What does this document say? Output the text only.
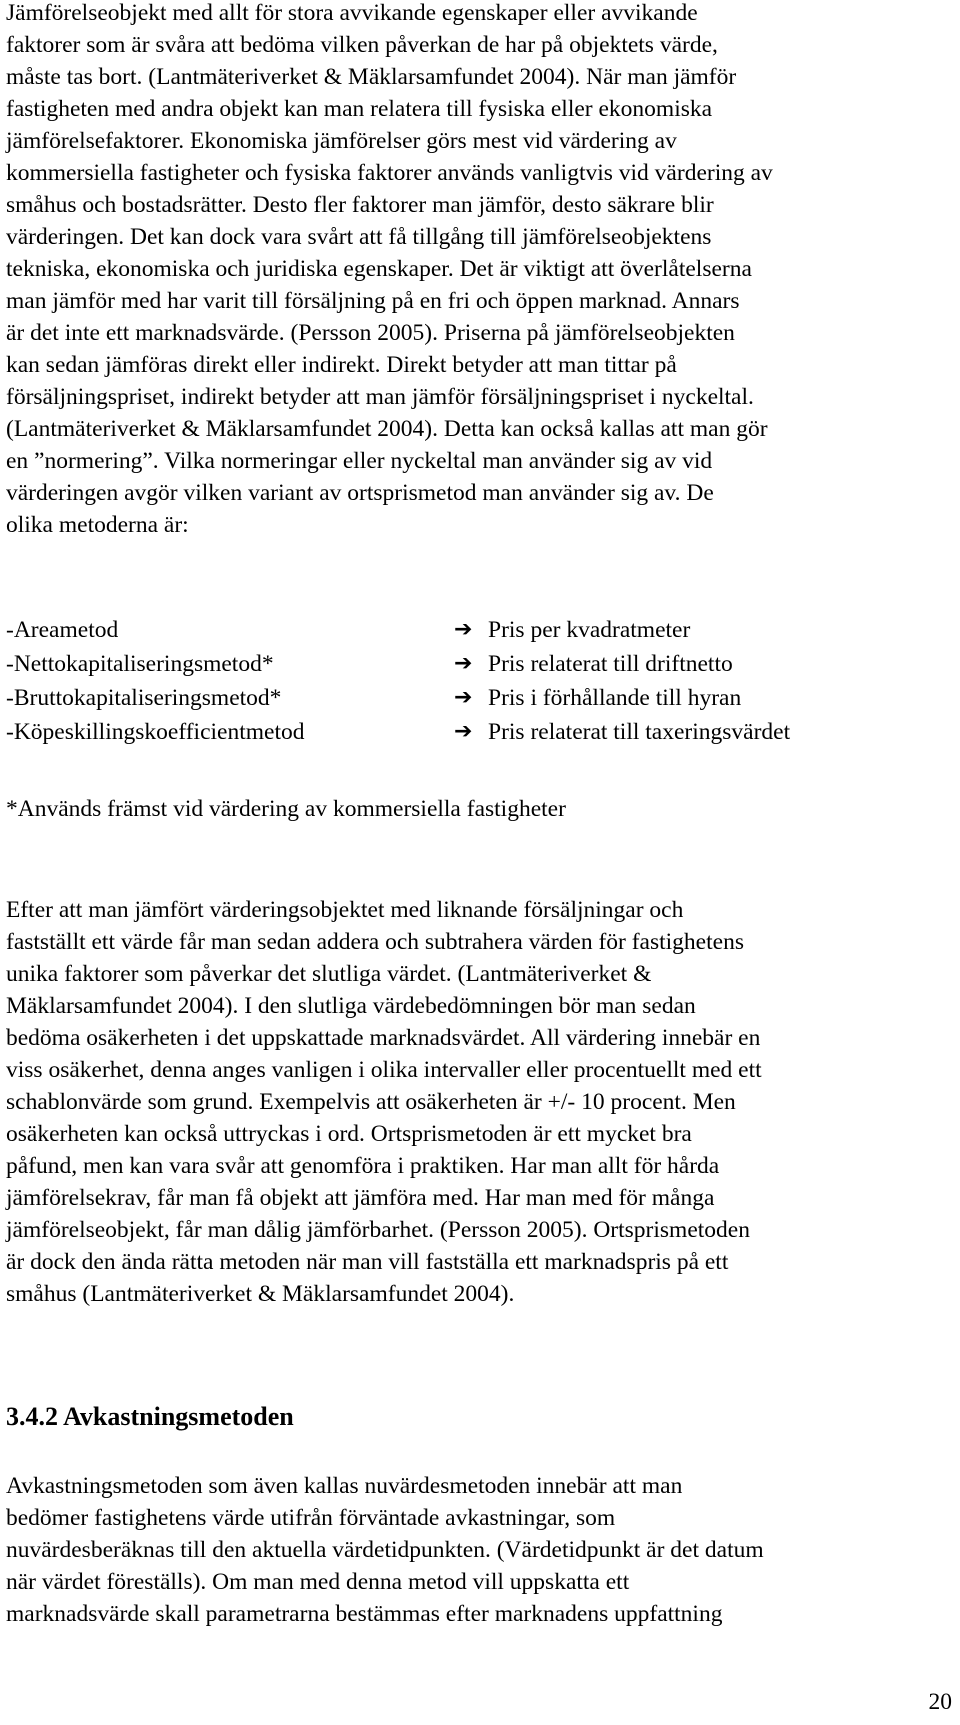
Jämförelseobjekt med allt för stora avvikande egenskaper eller avvikande
faktorer som är svåra att bedöma vilken påverkan de har på objektets värde,
måste tas bort. (Lantmäteriverket & Mäklarsamfundet 2004). När man jämför
fastigheten med andra objekt kan man relatera till fysiska eller ekonomiska
jämförelsefaktorer. Ekonomiska jämförelser görs mest vid värdering av
kommersiella fastigheter och fysiska faktorer används vanligtvis vid värdering av
småhus och bostadsrätter. Desto fler faktorer man jämför, desto säkrare blir
värderingen. Det kan dock vara svårt att få tillgång till jämförelseobjektens
tekniska, ekonomiska och juridiska egenskaper. Det är viktigt att överlåtelserna
man jämför med har varit till försäljning på en fri och öppen marknad. Annars
är det inte ett marknadsvärde. (Persson 2005). Priserna på jämförelseobjekten
kan sedan jämföras direkt eller indirekt. Direkt betyder att man tittar på
försäljningspriset, indirekt betyder att man jämför försäljningspriset i nyckeltal.
(Lantmäteriverket & Mäklarsamfundet 2004). Detta kan också kallas att man gör
en ”normering”. Vilka normeringar eller nyckeltal man använder sig av vid
värderingen avgör vilken variant av ortsprismetod man använder sig av. De
olika metoderna är:

-Areametod	➔ Pris per kvadratmeter
-Nettokapitaliseringsmetod*	➔ Pris relaterat till driftnetto
-Bruttokapitaliseringsmetod*	➔ Pris i förhållande till hyran
-Köpeskillingskoefficientmetod	➔ Pris relaterat till taxeringsvärdet

*Används främst vid värdering av kommersiella fastigheter

Efter att man jämfört värderingsobjektet med liknande försäljningar och
fastställt ett värde får man sedan addera och subtrahera värden för fastighetens
unika faktorer som påverkar det slutliga värdet. (Lantmäteriverket &
Mäklarsamfundet 2004). I den slutliga värdebedömningen bör man sedan
bedöma osäkerheten i det uppskattade marknadsvärdet. All värdering innebär en
viss osäkerhet, denna anges vanligen i olika intervaller eller procentuellt med ett
schablonvärde som grund. Exempelvis att osäkerheten är +/- 10 procent. Men
osäkerheten kan också uttryckas i ord. Ortsprismetoden är ett mycket bra
påfund, men kan vara svår att genomföra i praktiken. Har man allt för hårda
jämförelsekrav, får man få objekt att jämföra med. Har man med för många
jämförelseobjekt, får man dålig jämförbarhet. (Persson 2005). Ortsprismetoden
är dock den ända rätta metoden när man vill fastställa ett marknadspris på ett
småhus (Lantmäteriverket & Mäklarsamfundet 2004).

3.4.2 Avkastningsmetoden

Avkastningsmetoden som även kallas nuvärdesmetoden innebär att man
bedömer fastighetens värde utifrån förväntade avkastningar, som
nuvärdesberäknas till den aktuella värdetidpunkten. (Värdetidpunkt är det datum
när värdet föreställs). Om man med denna metod vill uppskatta ett
marknadsvärde skall parametrarna bestämmas efter marknadens uppfattning

20
